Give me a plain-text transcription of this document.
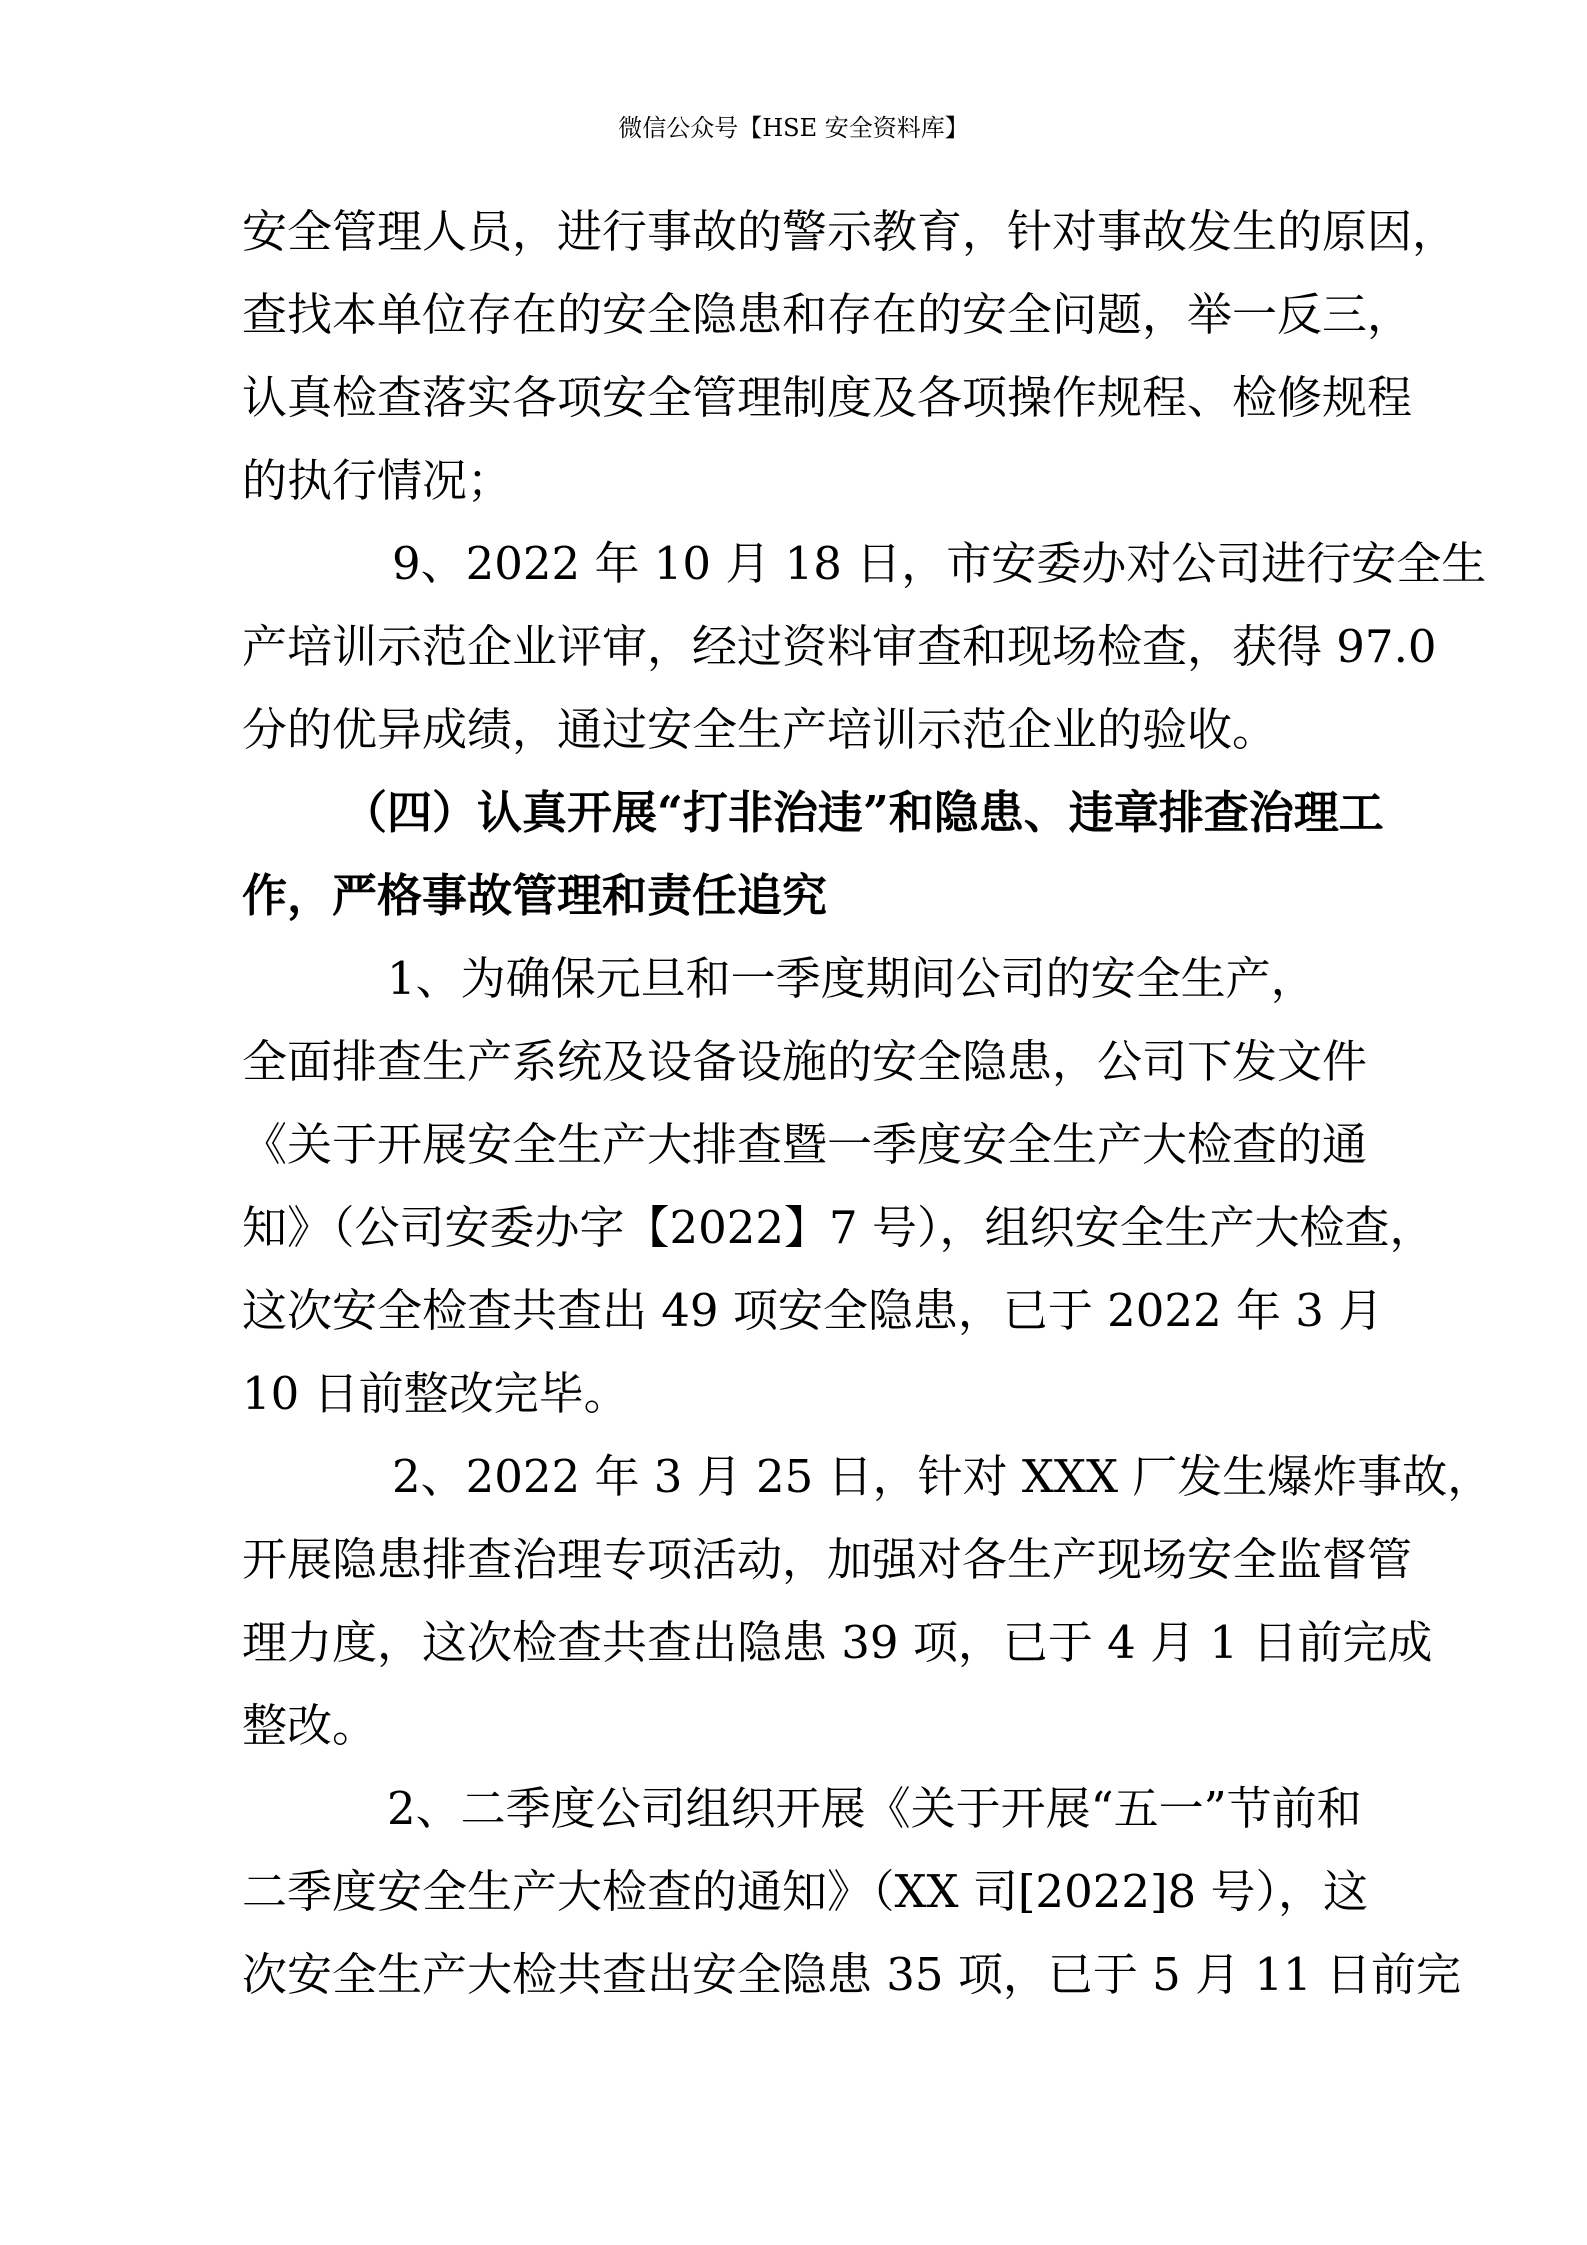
微信公众号【HSE 安全资料库】
安全管理人员，进行事故的警示教育，针对事故发生的原因，
查找本单位存在的安全隐患和存在的安全问题，举一反三，
认真检查落实各项安全管理制度及各项操作规程、检修规程
的执行情况；
9、2022 年 10 月 18 日，市安委办对公司进行安全生
产培训示范企业评审，经过资料审查和现场检查，获得 97.0
分的优异成绩，通过安全生产培训示范企业的验收。
（四）认真开展“打非治违”和隐患、违章排查治理工
作，严格事故管理和责任追究
1、为确保元旦和一季度期间公司的安全生产，
全面排查生产系统及设备设施的安全隐患，公司下发文件
《关于开展安全生产大排查暨一季度安全生产大检查的通
知》（公司安委办字【2022】7 号），组织安全生产大检查，
这次安全检查共查出 49 项安全隐患，已于 2022 年 3 月
10 日前整改完毕。
2、2022 年 3 月 25 日，针对 XXX 厂发生爆炸事故，
开展隐患排查治理专项活动，加强对各生产现场安全监督管
理力度，这次检查共查出隐患 39 项，已于 4 月 1 日前完成
整改。
2、二季度公司组织开展《关于开展“五一”节前和
二季度安全生产大检查的通知》（XX 司[2022]8 号），这
次安全生产大检共查出安全隐患 35 项，已于 5 月 11 日前完
